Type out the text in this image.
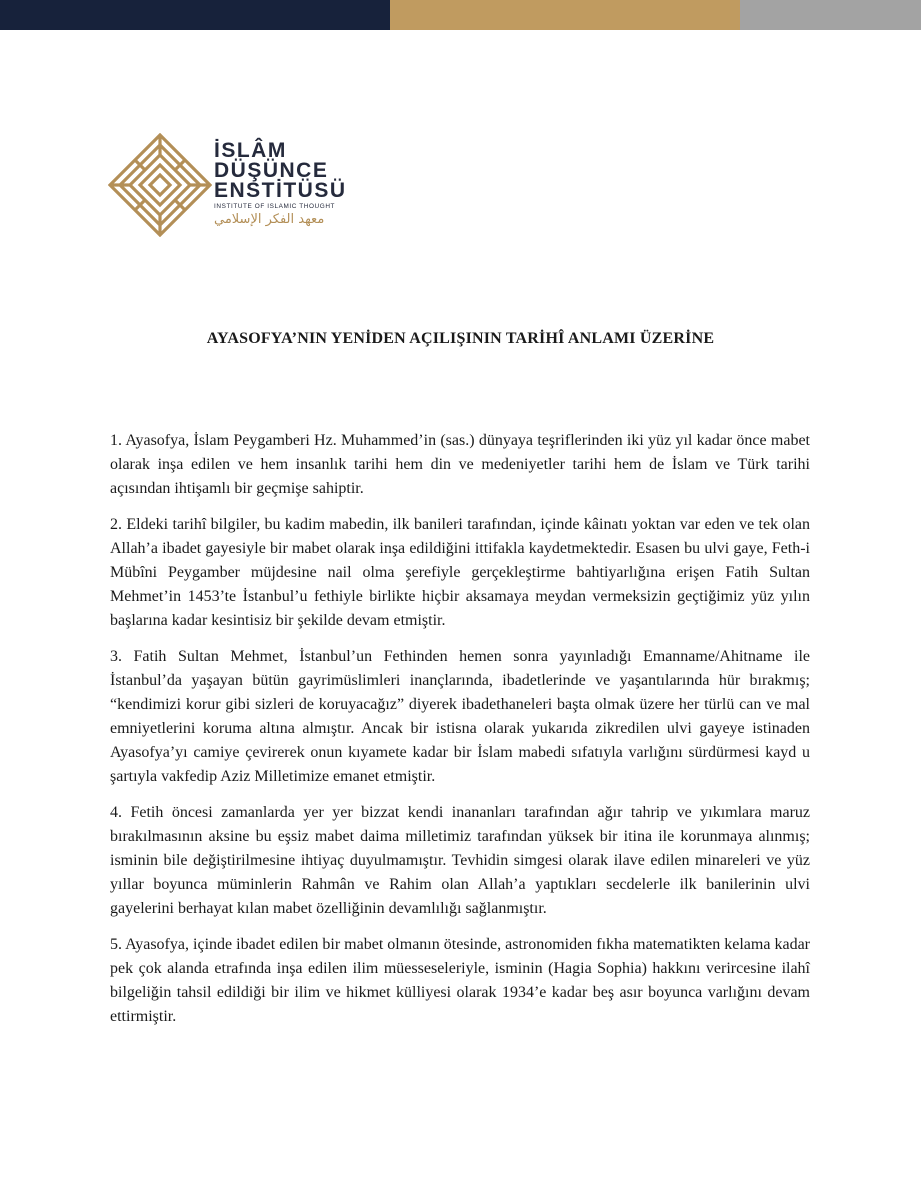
İSLÂM
DÜŞÜNCE
ENSTİTÜSÜ
INSTITUTE OF ISLAMIC THOUGHT
معهد الفكر الإسلامي
AYASOFYA’NIN YENİDEN AÇILIŞININ TARİHÎ ANLAMI ÜZERİNE

1. Ayasofya, İslam Peygamberi Hz. Muhammed’in (sas.) dünyaya teşriflerinden iki yüz yıl kadar önce mabet olarak inşa edilen ve hem insanlık tarihi hem din ve medeniyetler tarihi hem de İslam ve Türk tarihi açısından ihtişamlı bir geçmişe sahiptir.

2. Eldeki tarihî bilgiler, bu kadim mabedin, ilk banileri tarafından, içinde kâinatı yoktan var eden ve tek olan Allah’a ibadet gayesiyle bir mabet olarak inşa edildiğini ittifakla kaydetmektedir. Esasen bu ulvi gaye, Feth-i Mübîni Peygamber müjdesine nail olma şerefiyle gerçekleştirme bahtiyarlığına erişen Fatih Sultan Mehmet’in 1453’te İstanbul’u fethiyle birlikte hiçbir aksamaya meydan vermeksizin geçtiğimiz yüz yılın başlarına kadar kesintisiz bir şekilde devam etmiştir.

3. Fatih Sultan Mehmet, İstanbul’un Fethinden hemen sonra yayınladığı Emanname/Ahitname ile İstanbul’da yaşayan bütün gayrimüslimleri inançlarında, ibadetlerinde ve yaşantılarında hür bırakmış; “kendimizi korur gibi sizleri de koruyacağız” diyerek ibadethaneleri başta olmak üzere her türlü can ve mal emniyetlerini koruma altına almıştır. Ancak bir istisna olarak yukarıda zikredilen ulvi gayeye istinaden Ayasofya’yı camiye çevirerek onun kıyamete kadar bir İslam mabedi sıfatıyla varlığını sürdürmesi kayd u şartıyla vakfedip Aziz Milletimize emanet etmiştir.

4. Fetih öncesi zamanlarda yer yer bizzat kendi inananları tarafından ağır tahrip ve yıkımlara maruz bırakılmasının aksine bu eşsiz mabet daima milletimiz tarafından yüksek bir itina ile korunmaya alınmış; isminin bile değiştirilmesine ihtiyaç duyulmamıştır. Tevhidin simgesi olarak ilave edilen minareleri ve yüz yıllar boyunca müminlerin Rahmân ve Rahim olan Allah’a yaptıkları secdelerle ilk banilerinin ulvi gayelerini berhayat kılan mabet özelliğinin devamlılığı sağlanmıştır.

5. Ayasofya, içinde ibadet edilen bir mabet olmanın ötesinde, astronomiden fıkha matematikten kelama kadar pek çok alanda etrafında inşa edilen ilim müesseseleriyle, isminin (Hagia Sophia) hakkını verircesine ilahî bilgeliğin tahsil edildiği bir ilim ve hikmet külliyesi olarak 1934’e kadar beş asır boyunca varlığını devam ettirmiştir.
